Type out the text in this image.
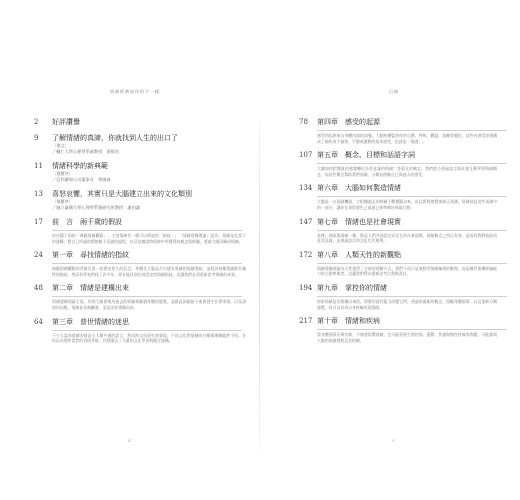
情緒經濟如何的不一樣	目錄
2	好評讚譽
9	了解情緒的真諦，你就找到人生的出口了
〔推文〕
／輔仁大學心理學系副教授　黃揚名
11	情緒科學的新典範
〔推薦序〕
／亞利桑那公司董事長　曾國威
13	喜怒哀懼，其實只是大腦建立出來的文化類別
〔推薦序〕
／國立臺灣大學心理學系暨研究所教授　謝伯讓
17	前　言　兩千歲的假設
你在鏡子前的「典範情緒觀點」，主張情緒有一種可以辨認的「指紋」。「情緒建構理論」認為，情緒是在當下的建構，將自己所處的環境賦予意義的過程，以及依據當時情境中所獲得的概念與經驗，透過大腦而構成情緒。
24	第一章　尋找情緒的指紋
典範情緒觀點的背後有著一套歷史悠久的信念，身體及大腦是否內建有專屬的情緒迴路，並假設每種情緒都有獨特的指紋。然而科學家們找了許多年，卻未能找到任何固定的情緒指紋，這讓我們必須重新思考情緒的本質。
48	第二章　情緒是建構出來
情緒建構理論主張，你的大腦會使用過去的經驗來解讀身體的感覺。並藉此預測接下來會發生什麼事情，以及該如何因應。情緒並非被觸發，而是由你建構而成。
64	第三章　普世情緒的迷思
不少人認為情緒表情是全人類共通的語言，然而跨文化研究卻發現，不同文化對情緒的分類與理解截然不同。在你以為理所當然的表情背後，其實隱含了大量的文化學習與概念建構。
78	第四章　感受的起源
感受的起源來自身體內部的訊號。大腦持續監控你的心跳、呼吸、體溫、血糖等變化，這些內感受訊號構成了愉快或不愉快、平靜或激動的基本感受，也就是「情感」。
107 第五章　概念、目標和話語字詞
大腦如何把雜亂的感覺轉化為有意義的情緒？答案在於概念。我們從小透過語言與社會互動學習情緒概念，而這些概念幫助我們預測、分類並理解自己與他人的感受。
134 第六章　大腦如何製造情緒
大腦是一台預測機器，它根據過去的經驗不斷模擬未來，再以實際感覺來修正預測。情緒就是這些預測中的一部分，讓你在事情發生之前就已經準備好採取行動。
147 第七章　情緒也是社會現實
金錢、國家與情緒一樣，都是人們共同認定而存在的社會現實。情緒概念之所以有效，是因為我們彼此同意其意義，並透過語言和文化代代相傳。
172 第八章　人類天性的新觀點
情緒建構理論為人性提供了全新的理解方式。我們不再只是被動受情緒驅使的動物，而是擁有建構經驗能力的主動參與者，這讓我們得以重新思考自我與責任。
194 第九章　掌控你的情緒
如果情緒是你建構出來的，那麼你就有能力改變它們。透過培養新的概念、照顧身體預算，以及重新分類感覺，你可以成為自身經驗的建築師。
217 第十章　情緒和疾病
當身體預算長期失衡，不僅會影響情緒，也可能導致生理疾病。憂鬱、焦慮與慢性疼痛等問題，可能都與大腦的預測歷程息息相關。
4	5
